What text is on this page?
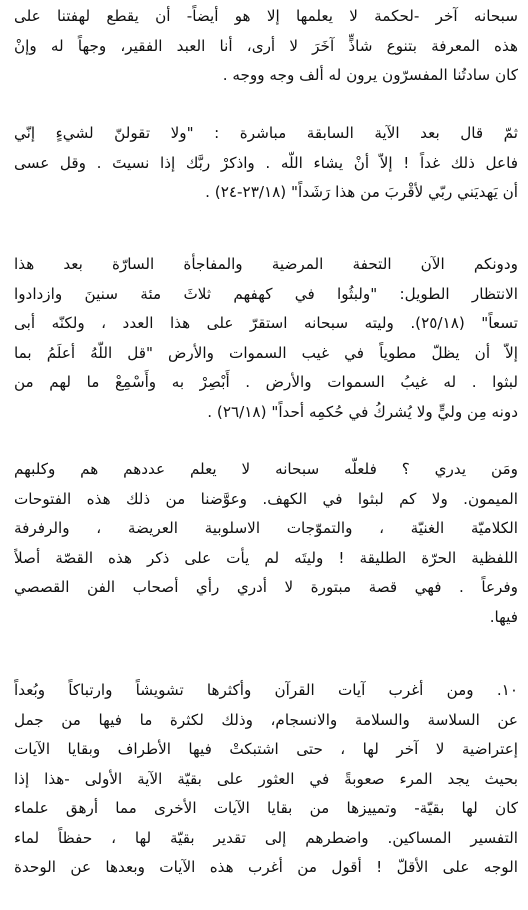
سبحانه آخر -لحكمة لا يعلمها إلا هو أيضاً- أن يقطع لهفتنا على
هذه المعرفة بتنوع شاذٍّ آخَرَ لا أرى، أنا العبد الفقير، وجهاً له وإنْ
كان سادتُنا المفسرّون يرون له ألف وجه ووجه .
ثمّ قال بعد الآية السابقة مباشرة : "ولا تقولنّ لشيءٍ إنّي
فاعل ذلك غداً ! إلاّ أنْ يشاء اللّه . واذكرْ ربَّك إذا نسيتَ . وقل عسى
أن يَهديَني ربّي لأقْربَ من هذا رَشَداً" (٢٣/١٨-٢٤) .
ودونكم الآن التحفة المرضية والمفاجأة السارّة بعد هذا
الانتظار الطويل: "ولبثُوا في كهفهم ثلاثَ مئة سنينَ وازدادوا
تسعاً" (٢٥/١٨). وليته سبحانه استقرّ على هذا العدد ، ولكنّه أبى
إلاّ أن يظلّ مطوياً في غيب السموات والأرض "قل اللّهُ أعلَمُ بما
لبثوا . له غيبُ السموات والأرض . أَبْصِرْ به وأَسْمِعْ ما لهم من
دونه مِن وليٍّ ولا يُشركُ في حُكمِه أحداً" (٢٦/١٨) .
ومَن يدري ؟ فلعلّه سبحانه لا يعلم عددهم هم وكلبهم
الميمون. ولا كم لبثوا في الكهف. وعوَّضنا من ذلك هذه الفتوحات
الكلاميّة الغنيّة ، والتموّجات الاسلوبية العريضة ، والرفرفة
اللفظية الحرّة الطليقة ! وليتَه لم يأت على ذكر هذه القصّة أصلاً
وفرعاً . فهي قصة مبتورة لا أدري رأي أصحاب الفن القصصي
فيها.
١٠. ومن أغرب آيات القرآن وأكثرها تشويشاً وارتباكاً وبُعداً
عن السلاسة والسلامة والانسجام، وذلك لكثرة ما فيها من جمل
إعتراضية لا آخر لها ، حتى اشتبكتْ فيها الأطراف وبقايا الآيات
بحيث يجد المرء صعوبةً في العثور على بقيّة الآية الأولى -هذا إذا
كان لها بقيّة- وتمييزها من بقايا الآيات الأخرى مما أرهق علماء
التفسير المساكين. واضطرهم إلى تقدير بقيّة لها ، حفظاً لماء
الوجه على الأقلّ ! أقول من أغرب هذه الآيات وبعدها عن الوحدة
